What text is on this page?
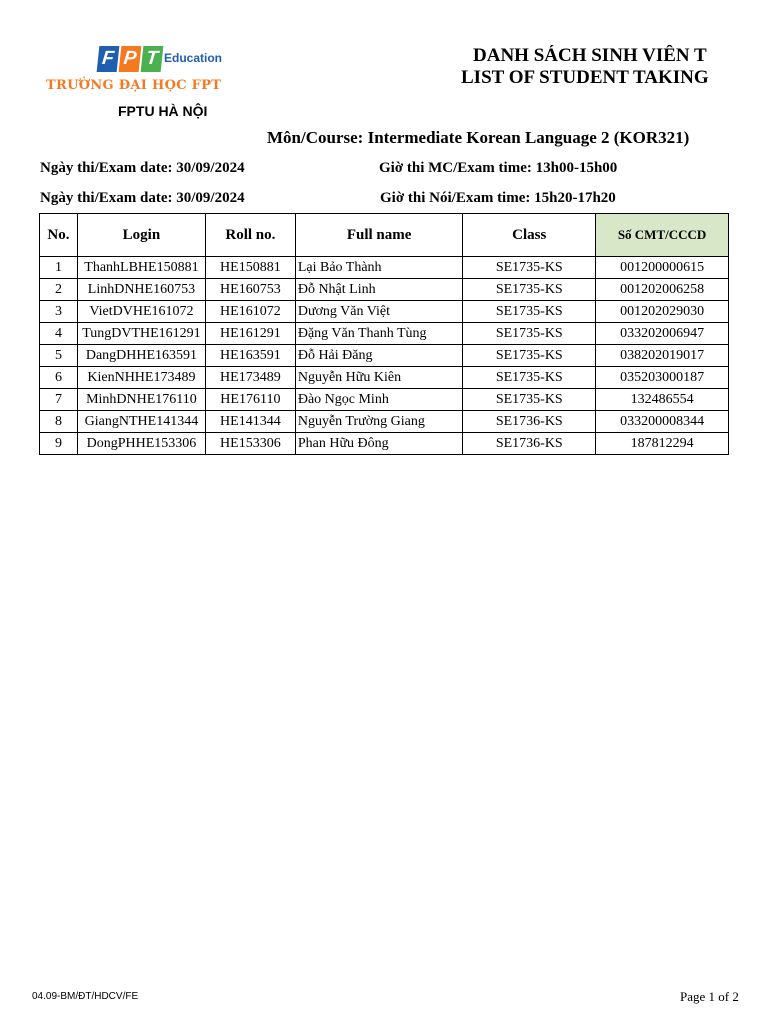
F P T Education
TRƯỜNG ĐẠI HỌC FPT
FPTU HÀ NỘI
DANH SÁCH SINH VIÊN T
LIST OF STUDENT TAKING
Môn/Course: Intermediate Korean Language 2 (KOR321)
Ngày thi/Exam date: 30/09/2024	Giờ thi MC/Exam time: 13h00-15h00
Ngày thi/Exam date: 30/09/2024	Giờ thi Nói/Exam time: 15h20-17h20
No.	Login	Roll no.	Full name	Class	Số CMT/CCCD
1	ThanhLBHE150881	HE150881	Lại Bảo Thành	SE1735-KS	001200000615
2	LinhDNHE160753	HE160753	Đỗ Nhật Linh	SE1735-KS	001202006258
3	VietDVHE161072	HE161072	Dương Văn Việt	SE1735-KS	001202029030
4	TungDVTHE161291	HE161291	Đặng Văn Thanh Tùng	SE1735-KS	033202006947
5	DangDHHE163591	HE163591	Đỗ Hải Đăng	SE1735-KS	038202019017
6	KienNHHE173489	HE173489	Nguyễn Hữu Kiên	SE1735-KS	035203000187
7	MinhDNHE176110	HE176110	Đào Ngọc Minh	SE1735-KS	132486554
8	GiangNTHE141344	HE141344	Nguyễn Trường Giang	SE1736-KS	033200008344
9	DongPHHE153306	HE153306	Phan Hữu Đông	SE1736-KS	187812294
04.09-BM/ĐT/HDCV/FE	Page 1 of 2
